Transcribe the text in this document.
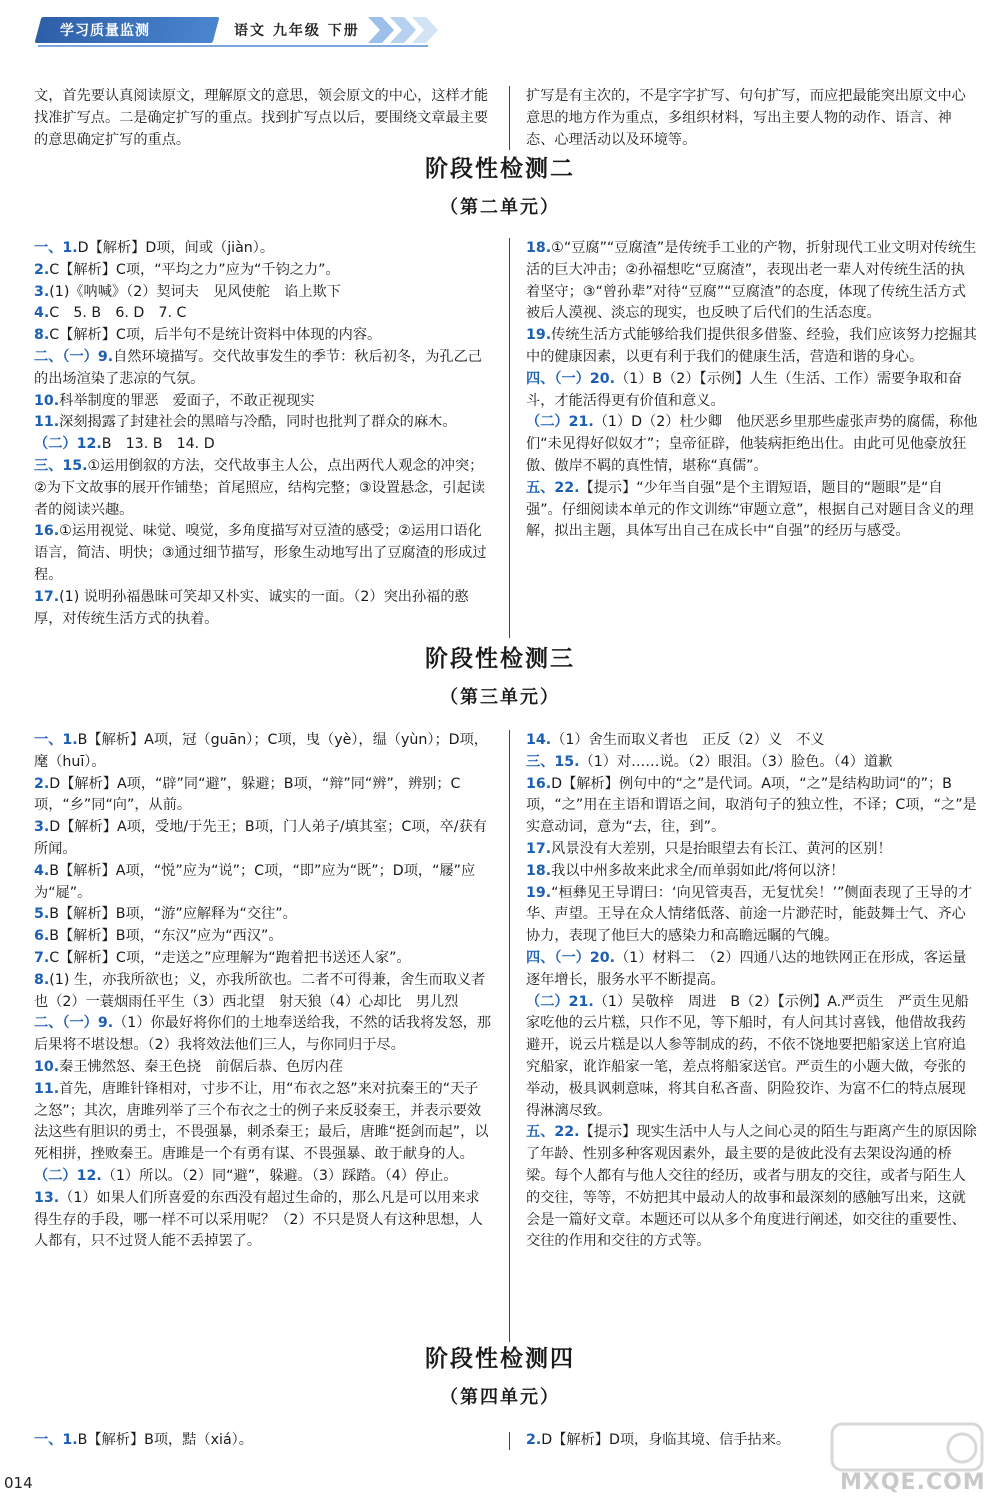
学习质量监测	语文 九年级 下册

文，首先要认真阅读原文，理解原文的意思，领会原文的中心，这样才能找准扩写点。二是确定扩写的重点。找到扩写点以后，要围绕文章最主要的意思确定扩写的重点。

扩写是有主次的，不是字字扩写、句句扩写，而应把最能突出原文中心意思的地方作为重点，多组织材料，写出主要人物的动作、语言、神态、心理活动以及环境等。

阶段性检测二
（第二单元）

一、1.D【解析】D项，间或（jiàn）。

2.C【解析】C项，“平均之力”应为“千钧之力”。

3.(1)《呐喊》（2）契诃夫　见风使舵　谄上欺下

4.C　5. B　6. D　7. C

8.C【解析】C项，后半句不是统计资料中体现的内容。

二、（一）9.自然环境描写。交代故事发生的季节：秋后初冬，为孔乙己的出场渲染了悲凉的气氛。

10.科举制度的罪恶　爱面子，不敢正视现实

11.深刻揭露了封建社会的黑暗与冷酷，同时也批判了群众的麻木。

（二）12.B　13. B　14. D

三、15.①运用倒叙的方法，交代故事主人公，点出两代人观念的冲突；②为下文故事的展开作铺垫；首尾照应，结构完整；③设置悬念，引起读者的阅读兴趣。

16.①运用视觉、味觉、嗅觉，多角度描写对豆渣的感受；②运用口语化语言，简洁、明快；③通过细节描写，形象生动地写出了豆腐渣的形成过程。

17.(1) 说明孙福愚昧可笑却又朴实、诚实的一面。（2）突出孙福的憨厚，对传统生活方式的执着。

18.①“豆腐”“豆腐渣”是传统手工业的产物，折射现代工业文明对传统生活的巨大冲击；②孙福想吃“豆腐渣”，表现出老一辈人对传统生活的执着坚守；③“曾孙辈”对待“豆腐”“豆腐渣”的态度，体现了传统生活方式被后人漠视、淡忘的现实，也反映了后代们的生活态度。

19.传统生活方式能够给我们提供很多借鉴、经验，我们应该努力挖掘其中的健康因素，以更有利于我们的健康生活，营造和谐的身心。

四、（一）20.（1）B（2）【示例】人生（生活、工作）需要争取和奋斗，才能活得更有价值和意义。

（二）21.（1）D（2）杜少卿　他厌恶乡里那些虚张声势的腐儒，称他们“未见得好似奴才”；皇帝征辟，他装病拒绝出仕。由此可见他豪放狂傲、傲岸不羁的真性情，堪称“真儒”。

五、22.【提示】“少年当自强”是个主谓短语，题目的“题眼”是“自强”。仔细阅读本单元的作文训练“审题立意”，根据自己对题目含义的理解，拟出主题，具体写出自己在成长中“自强”的经历与感受。

阶段性检测三
（第三单元）

一、1.B【解析】A项，冠（guān）；C项，曳（yè），缊（yùn）；D项，麾（huī）。

2.D【解析】A项，“辟”同“避”，躲避；B项，“辩”同“辨”，辨别；C项，“乡”同“向”，从前。

3.D【解析】A项，受地/于先王；B项，门人弟子/填其室；C项，卒/获有所闻。

4.B【解析】A项，“悦”应为“说”；C项，“即”应为“既”；D项，“屦”应为“屣”。

5.B【解析】B项，“游”应解释为“交往”。

6.B【解析】B项，“东汉”应为“西汉”。

7.C【解析】C项，“走送之”应理解为“跑着把书送还人家”。

8.(1) 生，亦我所欲也；义，亦我所欲也。二者不可得兼，舍生而取义者也（2）一蓑烟雨任平生（3）西北望　射天狼（4）心却比　男儿烈

二、（一）9.（1）你最好将你们的土地奉送给我，不然的话我将发怒，那后果将不堪设想。（2）我将效法他们三人，与你同归于尽。

10.秦王怫然怒、秦王色挠　前倨后恭、色厉内荏

11.首先，唐雎针锋相对，寸步不让，用“布衣之怒”来对抗秦王的“天子之怒”；其次，唐雎列举了三个布衣之士的例子来反驳秦王，并表示要效法这些有胆识的勇士，不畏强暴，刺杀秦王；最后，唐雎“挺剑而起”，以死相拼，挫败秦王。唐雎是一个有勇有谋、不畏强暴、敢于献身的人。

（二）12.（1）所以。（2）同“避”，躲避。（3）踩踏。（4）停止。

13.（1）如果人们所喜爱的东西没有超过生命的，那么凡是可以用来求得生存的手段，哪一样不可以采用呢？（2）不只是贤人有这种思想，人人都有，只不过贤人能不丢掉罢了。

14.（1）舍生而取义者也　正反（2）义　不义

三、15.（1）对……说。（2）眼泪。（3）脸色。（4）道歉

16.D【解析】例句中的“之”是代词。A项，“之”是结构助词“的”；B项，“之”用在主语和谓语之间，取消句子的独立性，不译；C项，“之”是实意动词，意为“去，往，到”。

17.风景没有大差别，只是抬眼望去有长江、黄河的区别！

18.我以中州多故来此求全/而单弱如此/将何以济！

19.“桓彝见王导谓曰：‘向见管夷吾，无复忧矣！’”侧面表现了王导的才华、声望。王导在众人情绪低落、前途一片渺茫时，能鼓舞士气、齐心协力，表现了他巨大的感染力和高瞻远瞩的气魄。

四、（一）20.（1）材料二　（2）四通八达的地铁网正在形成，客运量逐年增长，服务水平不断提高。

（二）21.（1）吴敬梓　周进　B（2）【示例】A.严贡生　严贡生见船家吃他的云片糕，只作不见，等下船时，有人问其讨喜钱，他借故我药避开，说云片糕是以人参等制成的药，不依不饶地要把船家送上官府追究船家，讹诈船家一笔，差点将船家送官。严贡生的小题大做，夸张的举动，极具讽刺意味，将其自私吝啬、阴险狡诈、为富不仁的特点展现得淋漓尽致。

五、22.【提示】现实生活中人与人之间心灵的陌生与距离产生的原因除了年龄、性别多种客观因素外，最主要的是彼此没有去架设沟通的桥梁。每个人都有与他人交往的经历，或者与朋友的交往，或者与陌生人的交往，等等，不妨把其中最动人的故事和最深刻的感触写出来，这就会是一篇好文章。本题还可以从多个角度进行阐述，如交往的重要性、交往的作用和交往的方式等。

阶段性检测四
（第四单元）

一、1.B【解析】B项，黠（xiá）。	2.D【解析】D项，身临其境、信手拈来。

014	MXQE.COM
